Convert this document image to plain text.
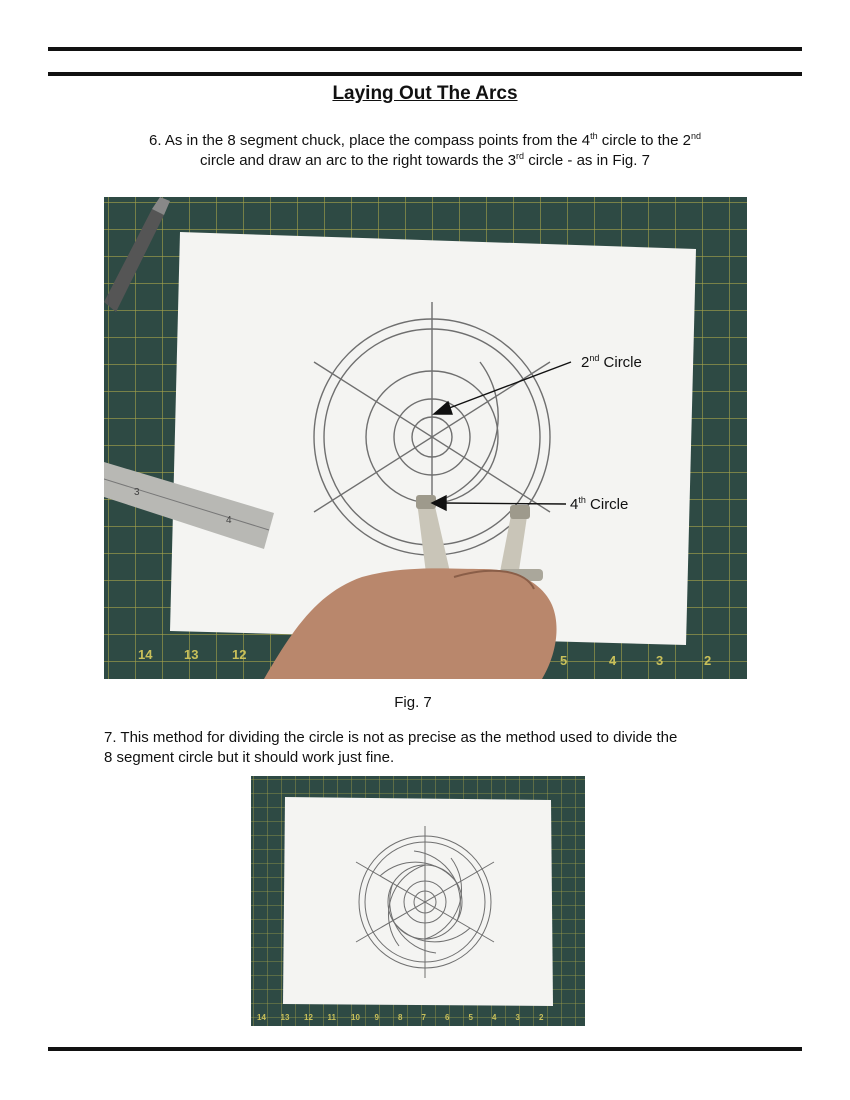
Laying Out The Arcs
6. As in the 8 segment chuck, place the compass points from the 4th circle to the 2nd
circle and draw an arc to the right towards the 3rd circle - as in Fig. 7
14 13	12	5	4	3	2
3
4
2nd Circle
4th Circle
Fig. 7
7. This method for dividing the circle is not as precise as the method used to divide the
8 segment circle but it should work just fine.
14 13 12 11 10 9 8 7 6 5 4 3 2
